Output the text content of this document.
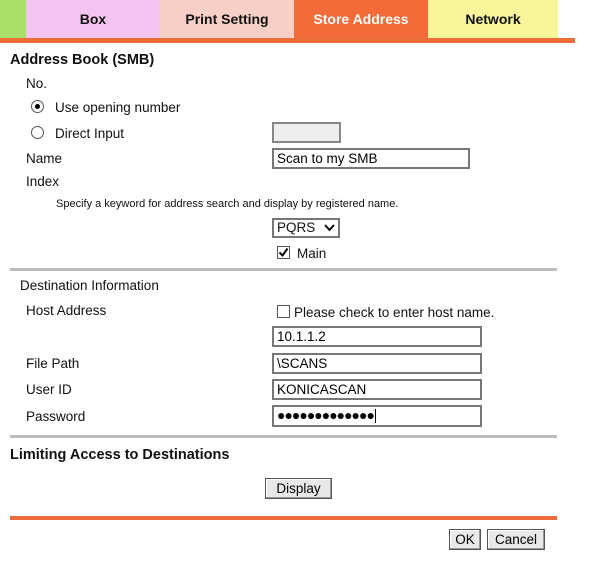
Box	Print Setting	Store Address	Network
Address Book (SMB)
No.
Use opening number
Direct Input
Name	Scan to my SMB
Index
Specify a keyword for address search and display by registered name.
PQRS
Main
Destination Information
Host Address	Please check to enter host name.
10.1.1.2
File Path	\SCANS
User ID	KONICASCAN
Password	●●●●●●●●●●●●●
Limiting Access to Destinations
Display
OK	Cancel
